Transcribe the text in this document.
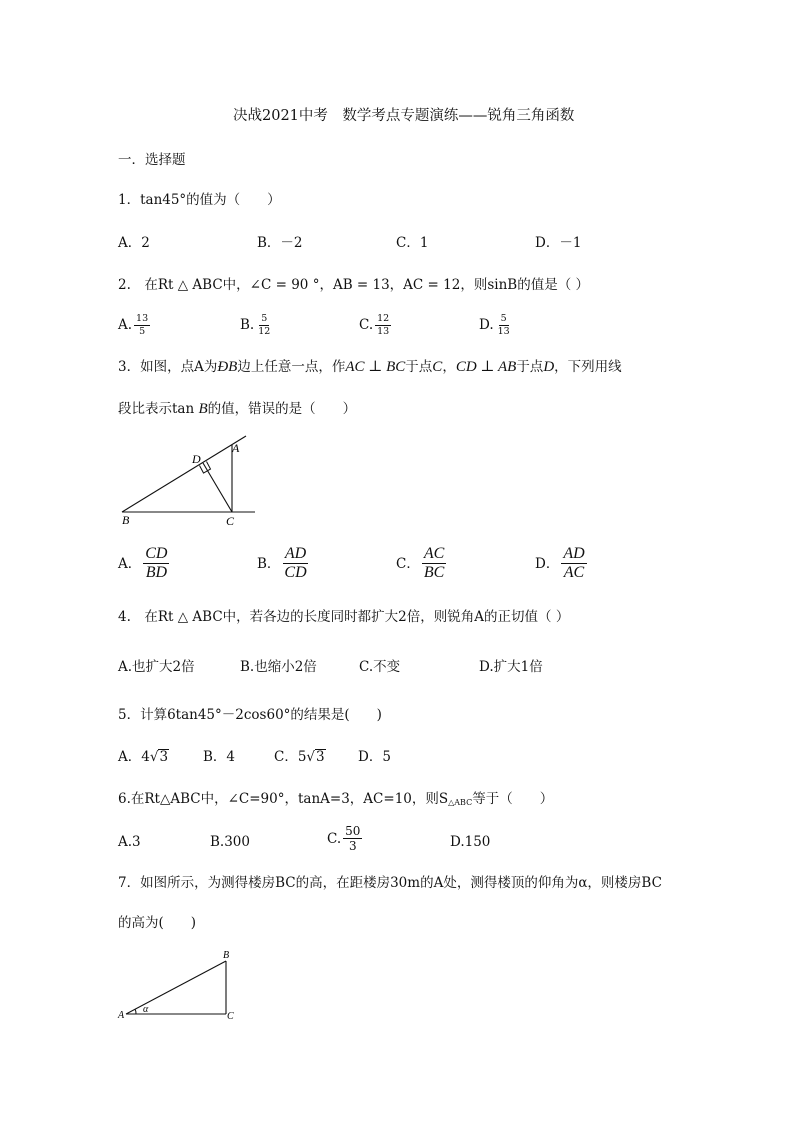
决战2021中考　数学考点专题演练——锐角三角函数
一．选择题
1．tan45°的值为（　　）
A．2	B．－2	C．1	D．－1
2.　在Rt △ ABC中，∠C = 90 °，AB = 13，AC = 12，则sinB的值是（ ）
A. $\frac{13}{5}$	B. $\frac{5}{12}$	C. $\frac{12}{13}$	D. $\frac{5}{13}$
3．如图，点A为ÐB边上任意一点，作AC ⊥ BC于点C，CD ⊥ AB于点D，下列用线
段比表示tan B的值，错误的是（　　）
A
B	C
D
A． $\frac{CD}{BD}$	B． $\frac{AD}{CD}$	C． $\frac{AC}{BC}$	D． $\frac{AD}{AC}$
4.　在Rt △ ABC中，若各边的长度同时都扩大2倍，则锐角A的正切值（ ）
A.也扩大2倍	B.也缩小2倍	C.不变	D.扩大1倍
5．计算6tan45°－2cos60°的结果是(　　)
A．4√3	B．4	C．5√3 D．5
6.在Rt△ABC中，∠C=90°，tanA=3，AC=10，则$S_{\triangle ABC}$等于（　　）
A.3	B.300	C. $\frac{50}{3}$	D.150
7．如图所示，为测得楼房BC的高，在距楼房30m的A处，测得楼顶的仰角为α，则楼房BC
的高为(　　)
A
B
C
α
